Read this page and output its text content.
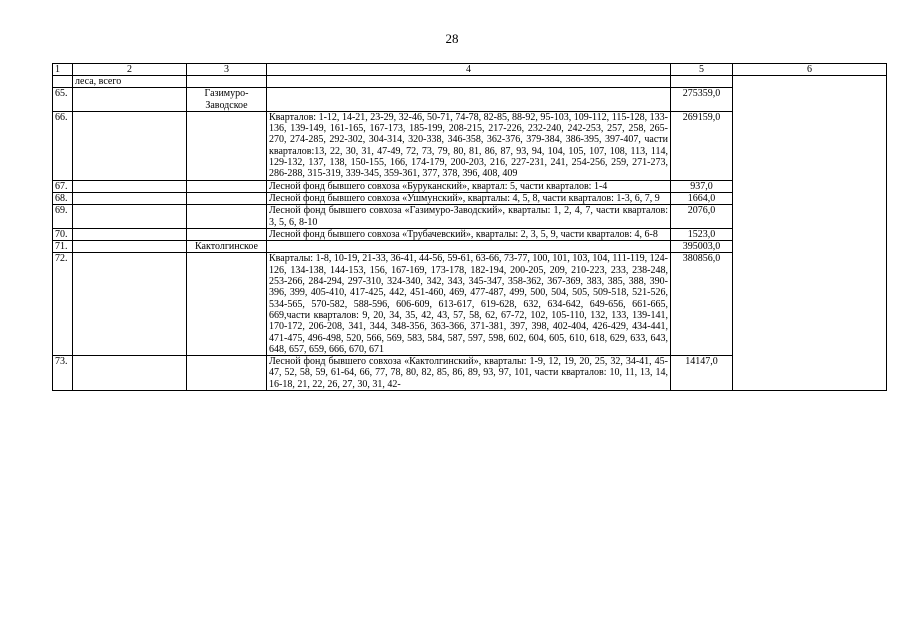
28
1	2	3	4	5	6
	леса, всего				
65.		Газимуро-Заводское		275359,0	
66.			Кварталов: 1-12, 14-21, 23-29, 32-46, 50-71, 74-78, 82-85, 88-92, 95-103, 109-112, 115-128, 133-136, 139-149, 161-165, 167-173, 185-199, 208-215, 217-226, 232-240, 242-253, 257, 258, 265-270, 274-285, 292-302, 304-314, 320-338, 346-358, 362-376, 379-384, 386-395, 397-407, части кварталов:13, 22, 30, 31, 47-49, 72, 73, 79, 80, 81, 86, 87, 93, 94, 104, 105, 107, 108, 113, 114, 129-132, 137, 138, 150-155, 166, 174-179, 200-203, 216, 227-231, 241, 254-256, 259, 271-273, 286-288, 315-319, 339-345, 359-361, 377, 378, 396, 408, 409	269159,0	
67.			Лесной фонд бывшего совхоза «Буруканский», квартал: 5, части кварталов: 1-4	937,0	
68.			Лесной фонд бывшего совхоза «Ушмунский», кварталы: 4, 5, 8, части кварталов: 1-3, 6, 7, 9	1664,0	
69.			Лесной фонд бывшего совхоза «Газимуро-Заводский», кварталы: 1, 2, 4, 7, части кварталов: 3, 5, 6, 8-10	2076,0	
70.			Лесной фонд бывшего совхоза «Трубачевский», кварталы: 2, 3, 5, 9, части кварталов: 4, 6-8	1523,0	
71.		Кактолгинское		395003,0	
72.			Кварталы: 1-8, 10-19, 21-33, 36-41, 44-56, 59-61, 63-66, 73-77, 100, 101, 103, 104, 111-119, 124-126, 134-138, 144-153, 156, 167-169, 173-178, 182-194, 200-205, 209, 210-223, 233, 238-248, 253-266, 284-294, 297-310, 324-340, 342, 343, 345-347, 358-362, 367-369, 383, 385, 388, 390-396, 399, 405-410, 417-425, 442, 451-460, 469, 477-487, 499, 500, 504, 505, 509-518, 521-526, 534-565, 570-582, 588-596, 606-609, 613-617, 619-628, 632, 634-642, 649-656, 661-665, 669,части кварталов: 9, 20, 34, 35, 42, 43, 57, 58, 62, 67-72, 102, 105-110, 132, 133, 139-141, 170-172, 206-208, 341, 344, 348-356, 363-366, 371-381, 397, 398, 402-404, 426-429, 434-441, 471-475, 496-498, 520, 566, 569, 583, 584, 587, 597, 598, 602, 604, 605, 610, 618, 629, 633, 643, 648, 657, 659, 666, 670, 671	380856,0	
73.			Лесной фонд бывшего совхоза «Кактолгинский», кварталы: 1-9, 12, 19, 20, 25, 32, 34-41, 45-47, 52, 58, 59, 61-64, 66, 77, 78, 80, 82, 85, 86, 89, 93, 97, 101, части кварталов: 10, 11, 13, 14, 16-18, 21, 22, 26, 27, 30, 31, 42-	14147,0	
